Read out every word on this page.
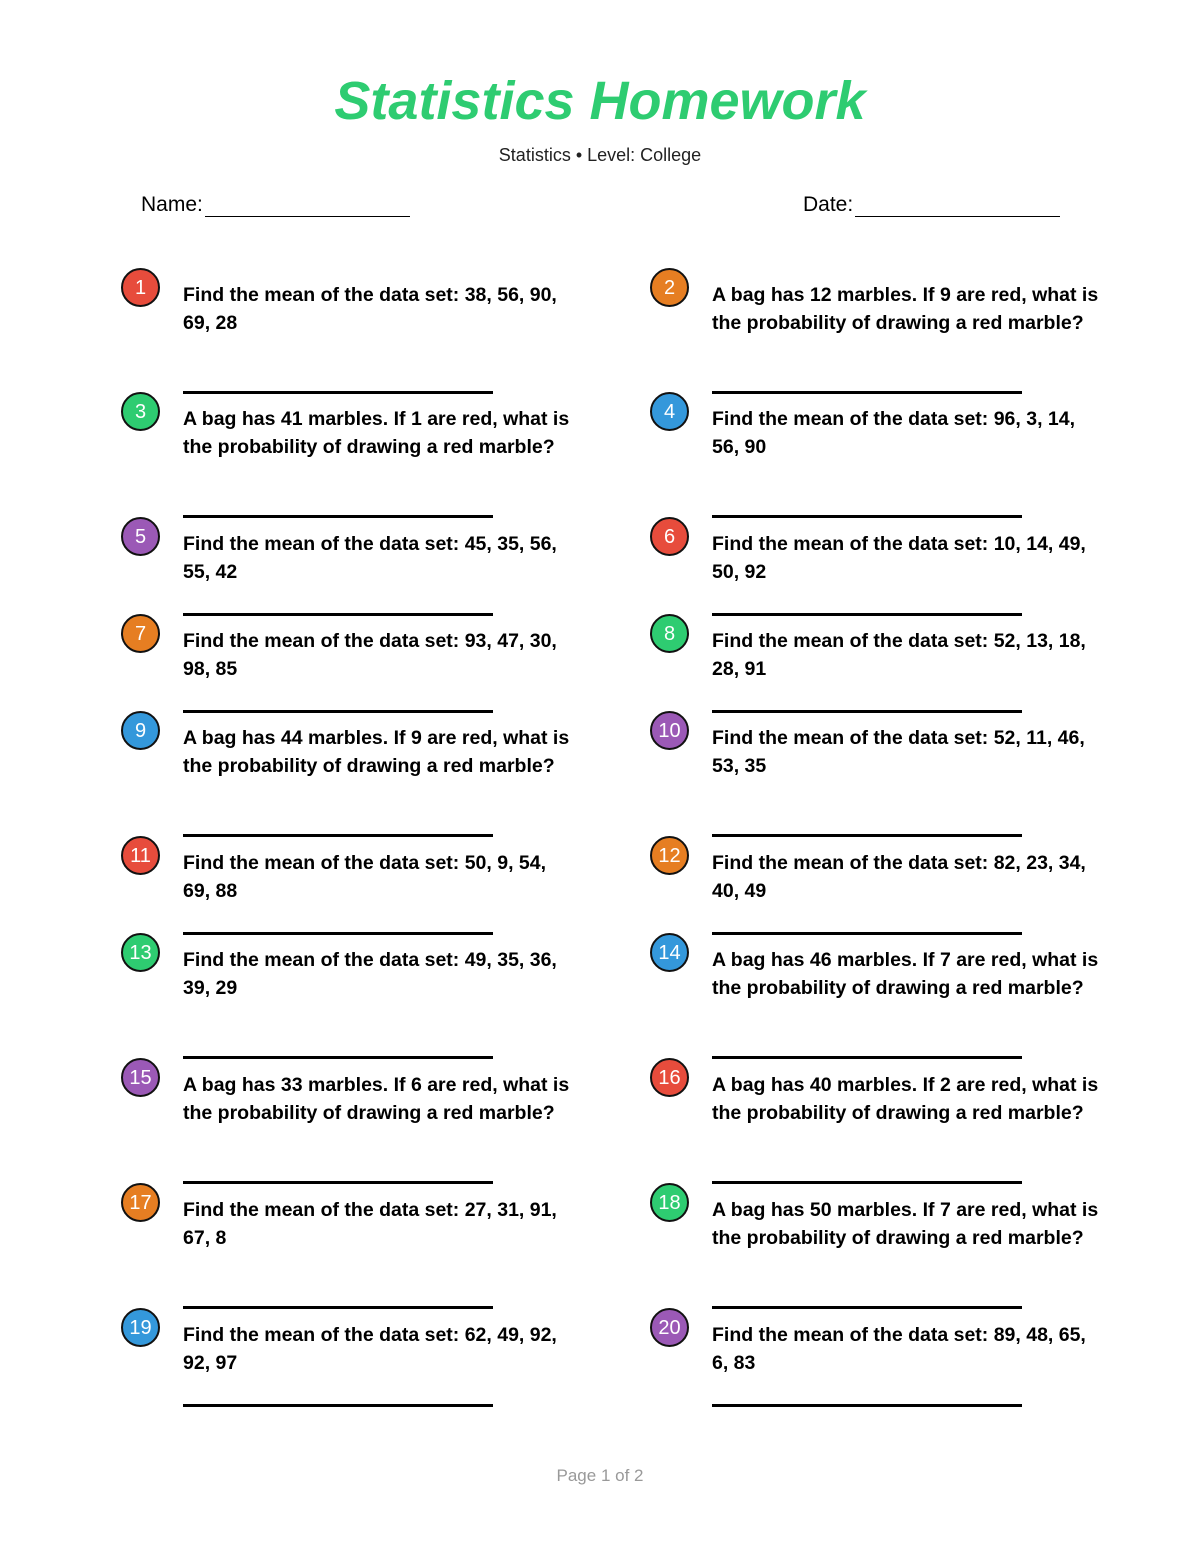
Statistics Homework
Statistics • Level: College
Name:	Date:
1	Find the mean of the data set: 38, 56, 90, 69, 28
2	A bag has 12 marbles. If 9 are red, what is the probability of drawing a red marble?
3	A bag has 41 marbles. If 1 are red, what is the probability of drawing a red marble?
4	Find the mean of the data set: 96, 3, 14, 56, 90
5	Find the mean of the data set: 45, 35, 56, 55, 42
6	Find the mean of the data set: 10, 14, 49, 50, 92
7	Find the mean of the data set: 93, 47, 30, 98, 85
8	Find the mean of the data set: 52, 13, 18, 28, 91
9	A bag has 44 marbles. If 9 are red, what is the probability of drawing a red marble?
10	Find the mean of the data set: 52, 11, 46, 53, 35
11	Find the mean of the data set: 50, 9, 54, 69, 88
12	Find the mean of the data set: 82, 23, 34, 40, 49
13	Find the mean of the data set: 49, 35, 36, 39, 29
14	A bag has 46 marbles. If 7 are red, what is the probability of drawing a red marble?
15	A bag has 33 marbles. If 6 are red, what is the probability of drawing a red marble?
16	A bag has 40 marbles. If 2 are red, what is the probability of drawing a red marble?
17	Find the mean of the data set: 27, 31, 91, 67, 8
18	A bag has 50 marbles. If 7 are red, what is the probability of drawing a red marble?
19	Find the mean of the data set: 62, 49, 92, 92, 97
20	Find the mean of the data set: 89, 48, 65, 6, 83
Page 1 of 2
